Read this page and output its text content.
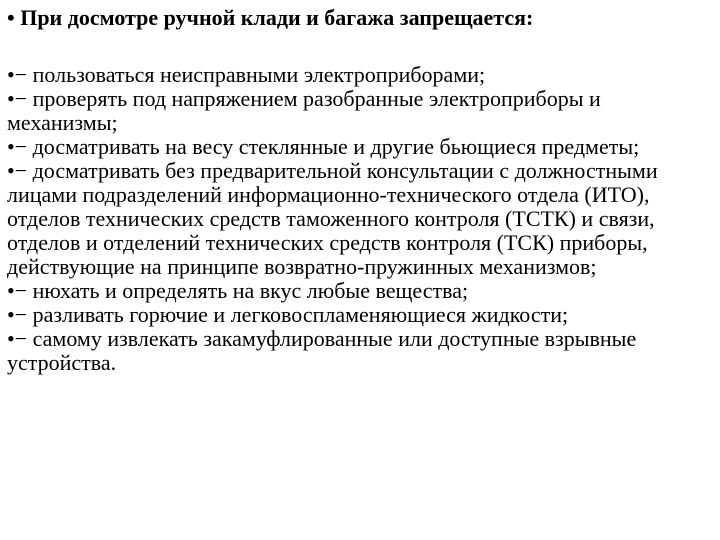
• При досмотре ручной клади и багажа запрещается:
•− пользоваться неисправными электроприборами;
•− проверять под напряжением разобранные электроприборы и механизмы;
•− досматривать на весу стеклянные и другие бьющиеся предметы;
•− досматривать без предварительной консультации с должностными лицами подразделений информационно-технического отдела (ИТО), отделов технических средств таможенного контроля (ТСТК) и связи, отделов и отделений технических средств контроля (ТСК) приборы, действующие на принципе возвратно-пружинных механизмов;
•− нюхать и определять на вкус любые вещества;
•− разливать горючие и легковоспламеняющиеся жидкости;
•− самому извлекать закамуфлированные или доступные взрывные устройства.
